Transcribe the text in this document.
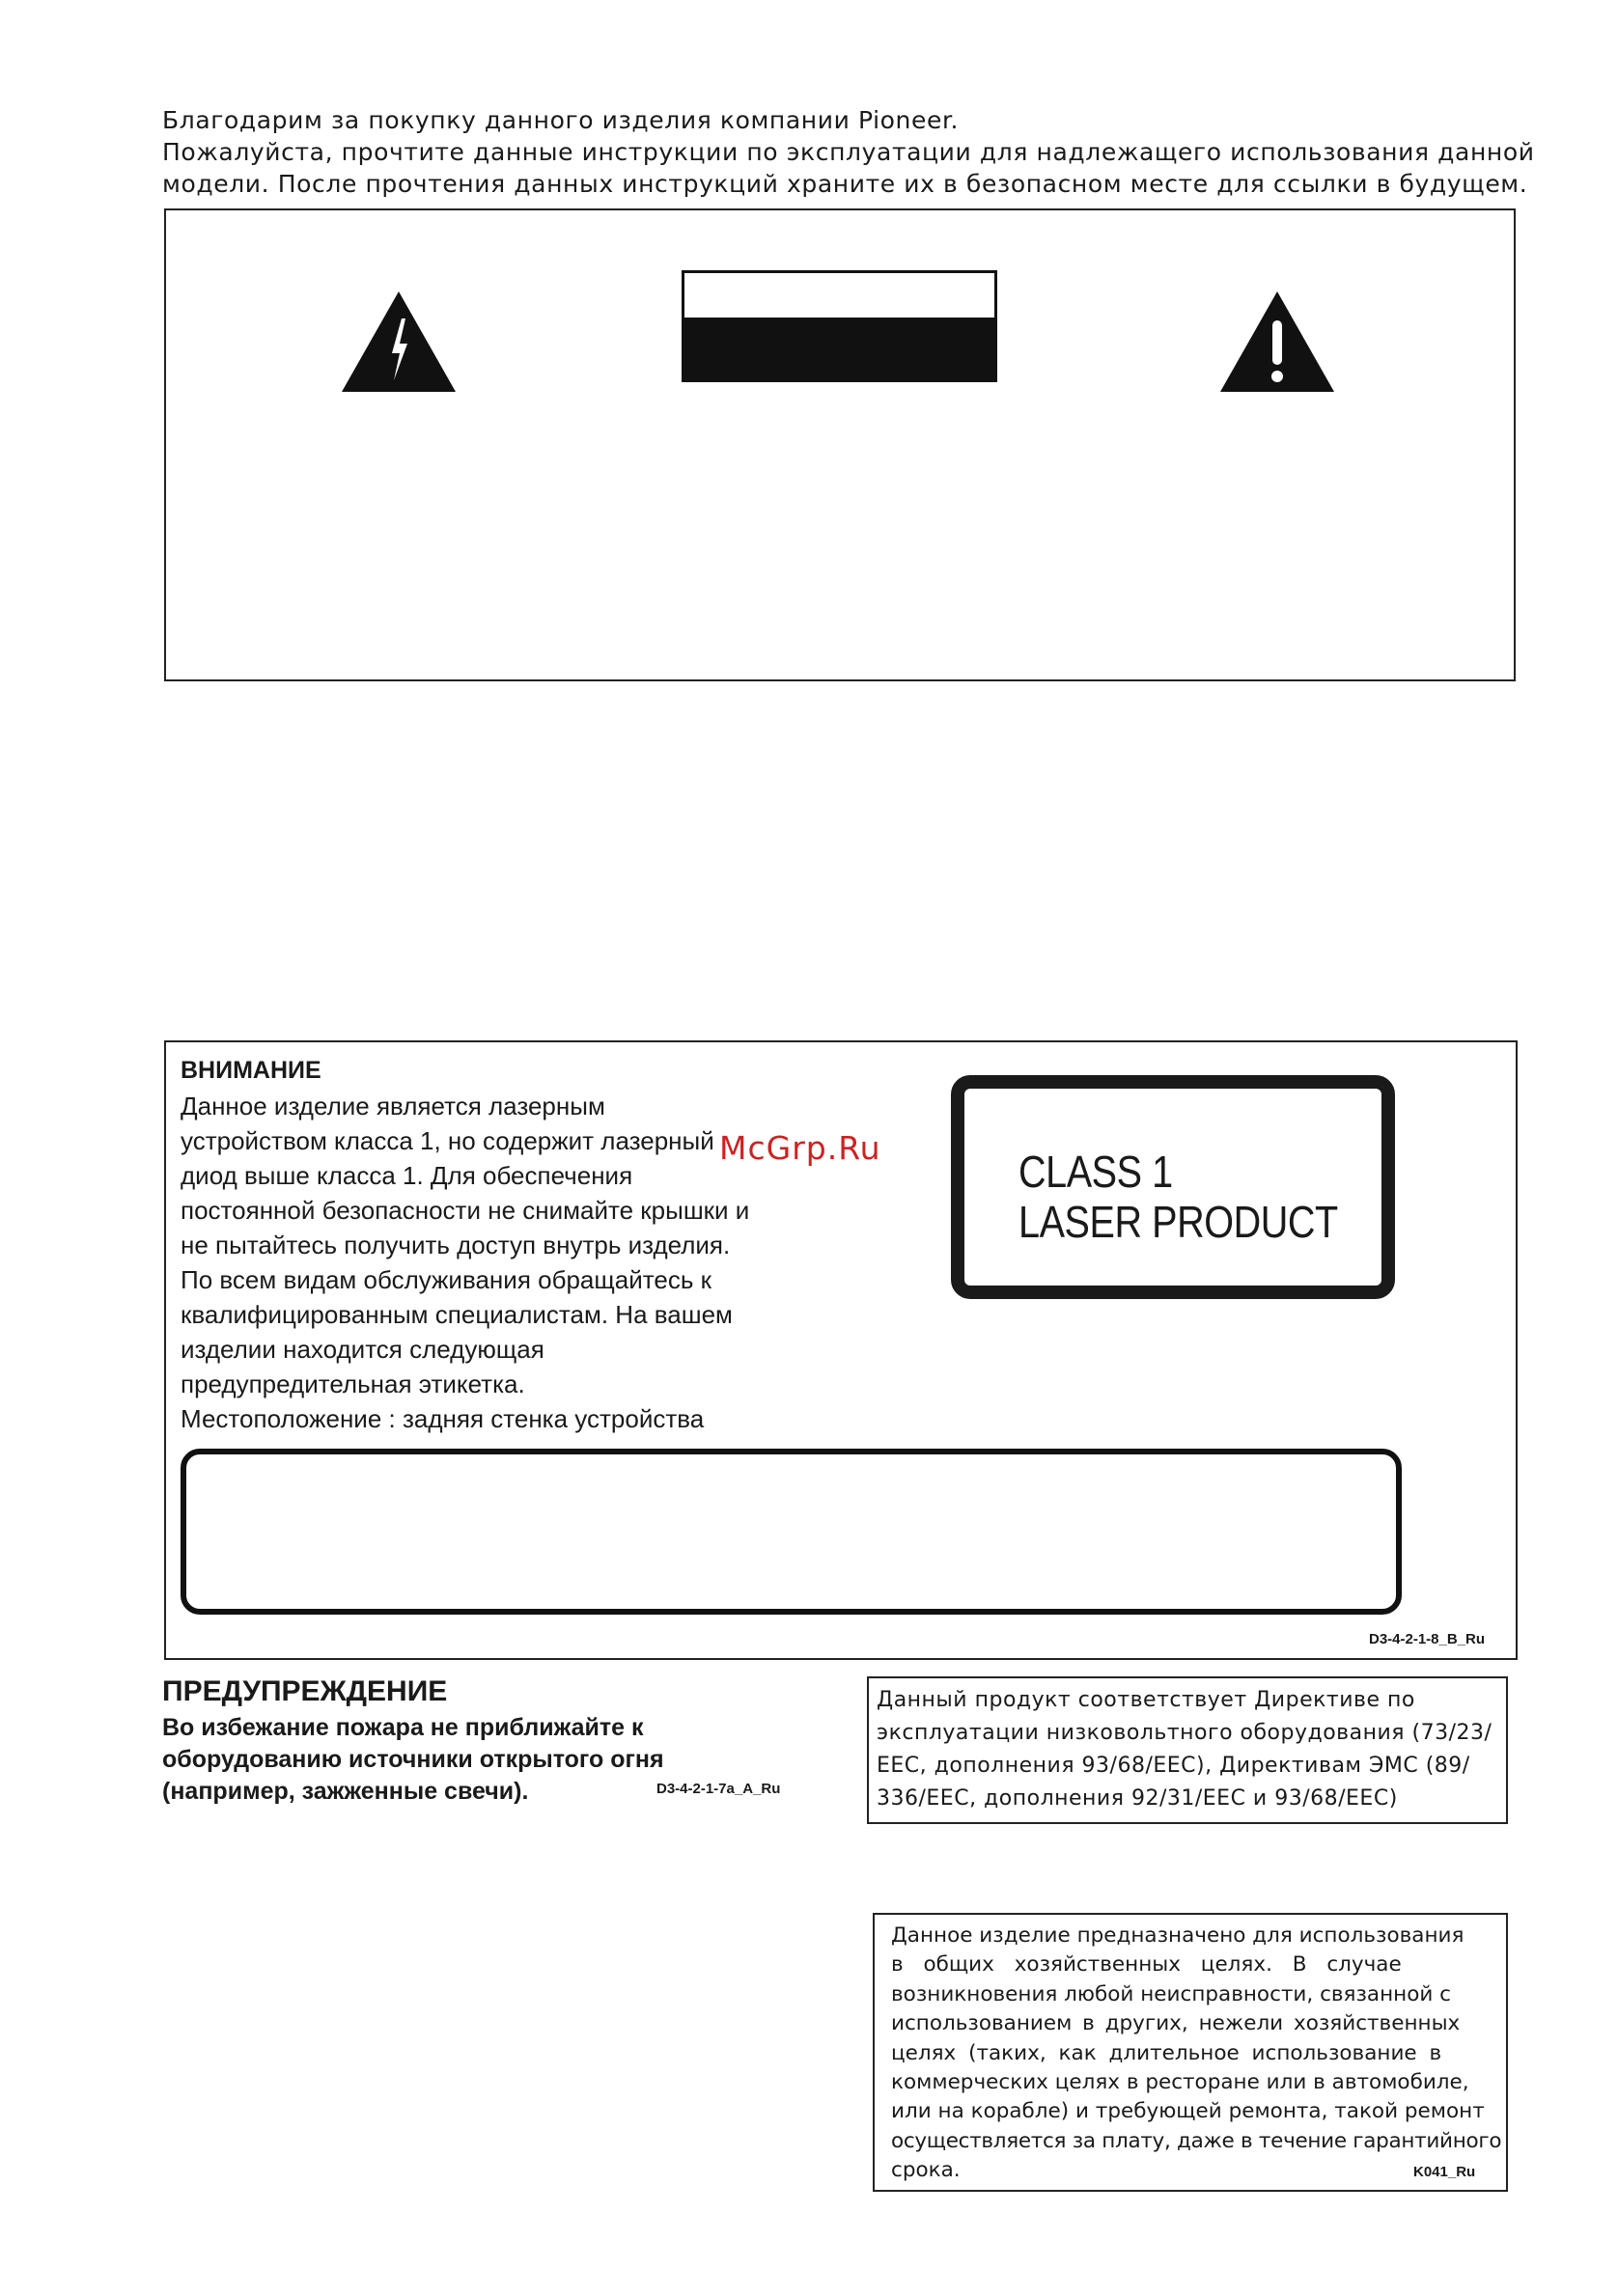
Благодарим за покупку данного изделия компании Pioneer.
Пожалуйста, прочтите данные инструкции по эксплуатации для надлежащего использования данной
модели. После прочтения данных инструкций храните их в безопасном месте для ссылки в будущем.
ВНИМАНИЕ
Данное изделие является лазерным
устройством класса 1, но содержит лазерный
диод выше класса 1. Для обеспечения
постоянной безопасности не снимайте крышки и
не пытайтесь получить доступ внутрь изделия.
По всем видам обслуживания обращайтесь к
квалифицированным специалистам. На вашем
изделии находится следующая
предупредительная этикетка.
Местоположение : задняя стенка устройства
CLASS 1
LASER PRODUCT
McGrp.Ru
D3-4-2-1-8_B_Ru
ПРЕДУПРЕЖДЕНИЕ
Во избежание пожара не приближайте к
оборудованию источники открытого огня
(например, зажженные свечи).	D3-4-2-1-7a_A_Ru
Данный продукт соответствует Директиве по
эксплуатации низковольтного оборудования (73/23/
EEC, дополнения 93/68/EEC), Директивам ЭМС (89/
336/EEC, дополнения 92/31/EEC и 93/68/EEC)
Данное изделие предназначено для использования
в общих хозяйственных целях. В случае
возникновения любой неисправности, связанной с
использованием в других, нежели хозяйственных
целях (таких, как длительное использование в
коммерческих целях в ресторане или в автомобиле,
или на корабле) и требующей ремонта, такой ремонт
осуществляется за плату, даже в течение гарантийного
срока.	K041_Ru
